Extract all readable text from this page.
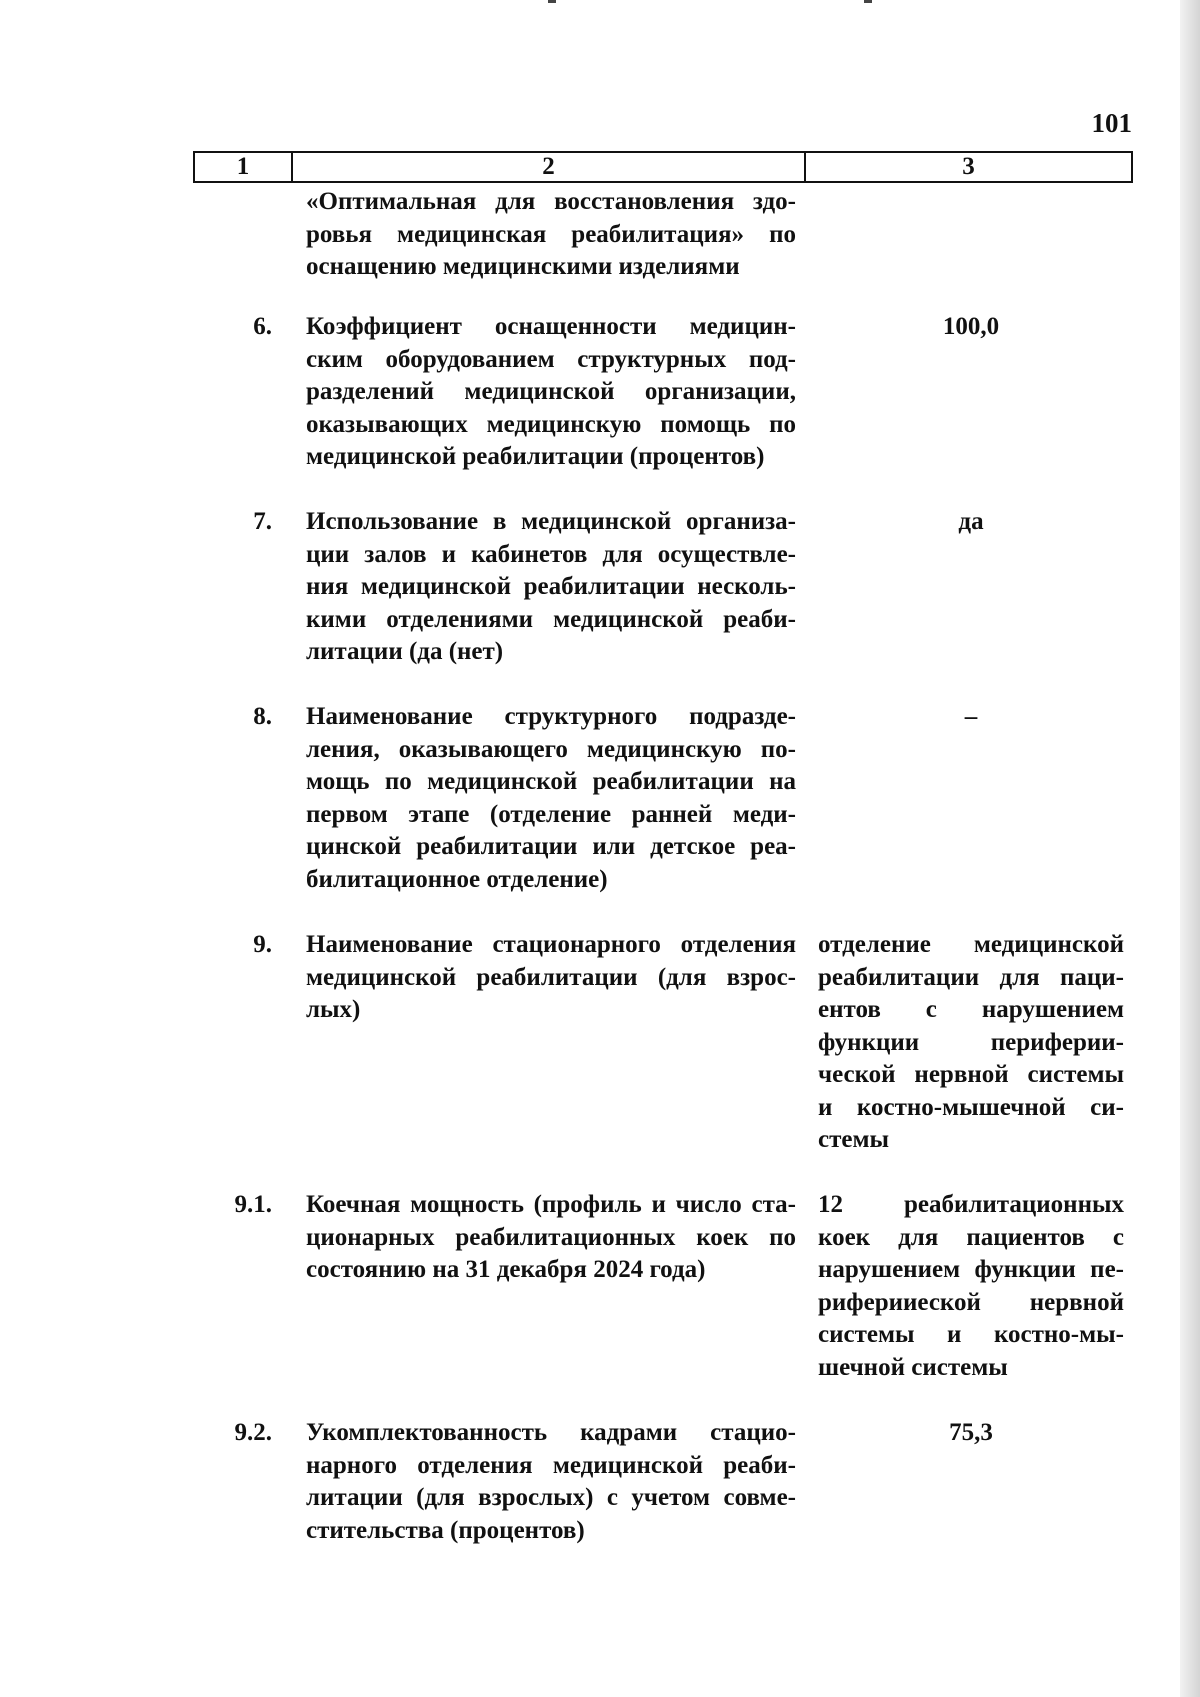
101
1	2	3
«Оптимальная для восстановления здо-
ровья медицинская реабилитация» по
оснащению медицинскими изделиями
6. Коэффициент оснащенности медицин-
ским оборудованием структурных под-
разделений медицинской организации,
оказывающих медицинскую помощь по
медицинской реабилитации (процентов)
100,0
7. Использование в медицинской организа-
ции залов и кабинетов для осуществле-
ния медицинской реабилитации несколь-
кими отделениями медицинской реаби-
литации (да (нет)
да
8. Наименование структурного подразде-
ления, оказывающего медицинскую по-
мощь по медицинской реабилитации на
первом этапе (отделение ранней меди-
цинской реабилитации или детское реа-
билитационное отделение)
–
9. Наименование стационарного отделения
медицинской реабилитации (для взрос-
лых)
отделение медицинской
реабилитации для паци-
ентов с нарушением
функции периферии-
ческой нервной системы
и костно-мышечной си-
стемы
9.1. Коечная мощность (профиль и число ста-
ционарных реабилитационных коек по
состоянию на 31 декабря 2024 года)
12 реабилитационных
коек для пациентов с
нарушением функции пе-
риферииеской нервной
системы и костно-мы-
шечной системы
9.2. Укомплектованность кадрами стацио-
нарного отделения медицинской реаби-
литации (для взрослых) с учетом совме-
стительства (процентов)
75,3
